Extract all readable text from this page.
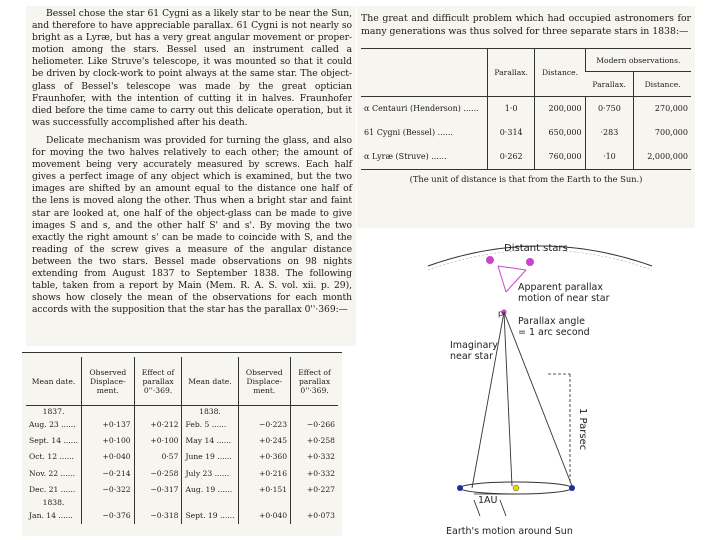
Bessel chose the star 61 Cygni as a likely star to be near the Sun, and therefore to have appreciable parallax. 61 Cygni is not nearly so bright as a Lyræ, but has a very great angular movement or proper-motion among the stars. Bessel used an instrument called a heliometer. Like Struve's telescope, it was mounted so that it could be driven by clock-work to point always at the same star. The object-glass of Bessel's telescope was made by the great optician Fraunhofer, with the intention of cutting it in halves. Fraunhofer died before the time came to carry out this delicate operation, but it was successfully accomplished after his death.

Delicate mechanism was provided for turning the glass, and also for moving the two halves relatively to each other; the amount of movement being very accurately measured by screws. Each half gives a perfect image of any object which is examined, but the two images are shifted by an amount equal to the distance one half of the lens is moved along the other. Thus when a bright star and faint star are looked at, one half of the object-glass can be made to give images S and s, and the other half S' and s'. By moving the two exactly the right amount s' can be made to coincide with S, and the reading of the screw gives a measure of the angular distance between the two stars. Bessel made observations on 98 nights extending from August 1837 to September 1838. The following table, taken from a report by Main (Mem. R. A. S. vol. xii. p. 29), shows how closely the mean of the observations for each month accords with the supposition that the star has the parallax 0''·369:—

Mean date.	Observed Displace-ment.	Effect of parallax 0''·369.	Mean date.	Observed Displace-ment.	Effect of parallax 0''·369.
1837.			1838.		
Aug. 23 ......	+0·137	+0·212	Feb. 5 ......	−0·223	−0·266
Sept. 14 ......	+0·100	+0·100	May 14 ......	+0·245	+0·258
Oct. 12 ......	+0·040	0·57	June 19 ......	+0·360	+0·332
Nov. 22 ......	−0·214	−0·258	July 23 ......	+0·216	+0·332
Dec. 21 ......	−0·322	−0·317	Aug. 19 ......	+0·151	+0·227
1838.					
Jan. 14 ......	−0·376	−0·318	Sept. 19 ......	+0·040	+0·073

The great and difficult problem which had occupied astronomers for many generations was thus solved for three separate stars in 1838:—

	Parallax.	Distance.	Modern observations.	
			Parallax.	Distance.
α Centauri (Henderson) ......	1·0	200,000	0·750	270,000
61 Cygni (Bessel) ......	0·314	650,000	·283	700,000
α Lyræ (Struve) ......	0·262	760,000	·10	2,000,000

(The unit of distance is that from the Earth to the Sun.)

Distant stars
Apparent parallax
motion of near star
p
Parallax angle
= 1 arc second
Imaginary
near star
1 Parsec
1AU
Earth's motion around Sun
